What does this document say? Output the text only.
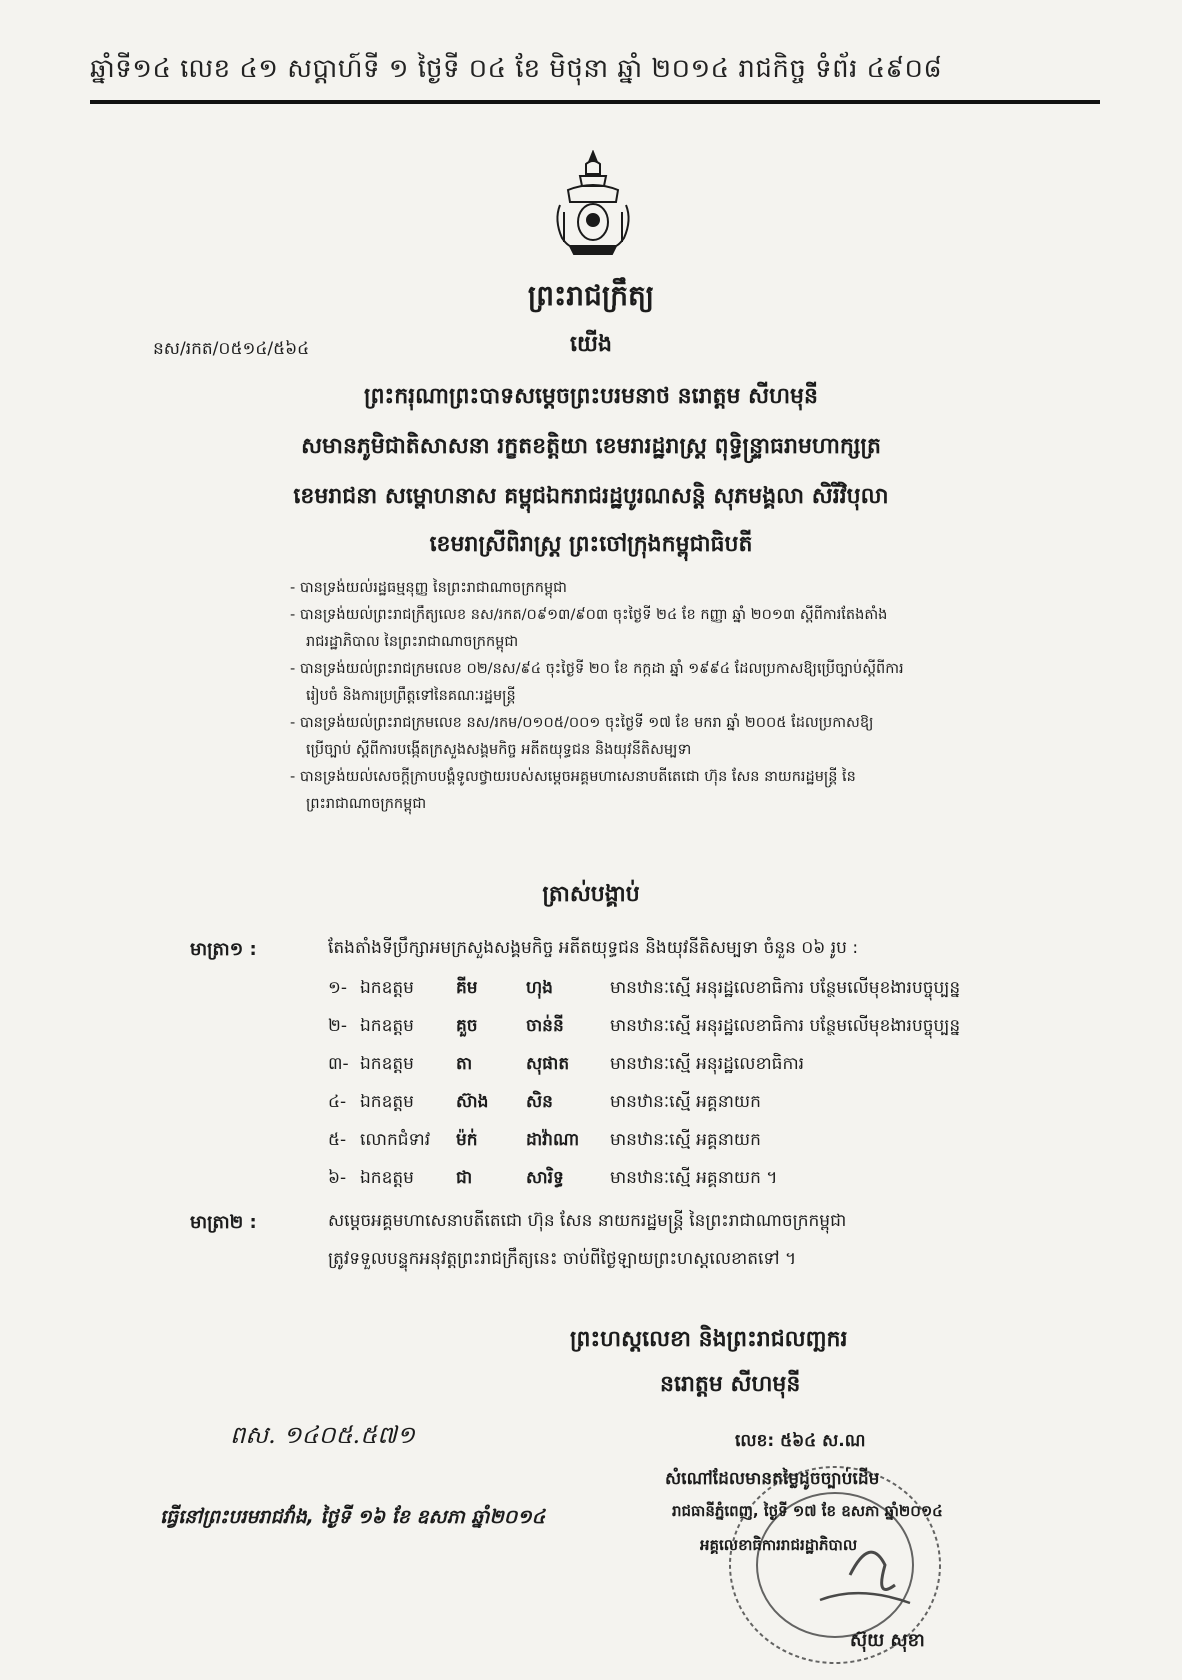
ឆ្នាំទី១៤ លេខ ៤១ សប្តាហ៍ទី ១ ថ្ងៃទី ០៤ ខែ មិថុនា ឆ្នាំ ២០១៤ រាជកិច្ច ទំព័រ ៤៩០៨
ព្រះរាជក្រឹត្យ
នស/រកត/០៥១៤/៥៦៤	យើង
ព្រះករុណាព្រះបាទសម្តេចព្រះបរមនាថ នរោត្តម សីហមុនី
សមានភូមិជាតិសាសនា រក្ខតខត្តិយា ខេមរារដ្ឋរាស្ត្រ ពុទ្ធិន្ទ្រាធរាមហាក្សត្រ
ខេមរាជនា សម្ពោហនាស គម្ពុជឯករាជរដ្ឋបូរណសន្តិ សុភមង្គលា សិរីវិបុលា
ខេមរាស្រីពិរាស្ត្រ ព្រះចៅក្រុងកម្ពុជាធិបតី

- បានទ្រង់យល់រដ្ឋធម្មនុញ្ញ នៃព្រះរាជាណាចក្រកម្ពុជា

- បានទ្រង់យល់ព្រះរាជក្រឹត្យលេខ នស/រកត/០៩១៣/៩០៣ ចុះថ្ងៃទី ២៤ ខែ កញ្ញា ឆ្នាំ ២០១៣ ស្តីពីការតែងតាំង

រាជរដ្ឋាភិបាល នៃព្រះរាជាណាចក្រកម្ពុជា

- បានទ្រង់យល់ព្រះរាជក្រមលេខ ០២/នស/៩៤ ចុះថ្ងៃទី ២០ ខែ កក្កដា ឆ្នាំ ១៩៩៤ ដែលប្រកាសឱ្យប្រើច្បាប់ស្តីពីការ

រៀបចំ និងការប្រព្រឹត្តទៅនៃគណៈរដ្ឋមន្ត្រី

- បានទ្រង់យល់ព្រះរាជក្រមលេខ នស/រកម/០១០៥/០០១ ចុះថ្ងៃទី ១៧ ខែ មករា ឆ្នាំ ២០០៥ ដែលប្រកាសឱ្យ

ប្រើច្បាប់ ស្តីពីការបង្កើតក្រសួងសង្គមកិច្ច អតីតយុទ្ធជន និងយុវនីតិសម្បទា

- បានទ្រង់យល់សេចក្តីក្រាបបង្គំទូលថ្វាយរបស់សម្តេចអគ្គមហាសេនាបតីតេជោ ហ៊ុន សែន នាយករដ្ឋមន្ត្រី នៃ

ព្រះរាជាណាចក្រកម្ពុជា

ត្រាស់បង្គាប់
មាត្រា១ :	តែងតាំងទីប្រឹក្សាអមក្រសួងសង្គមកិច្ច អតីតយុទ្ធជន និងយុវនីតិសម្បទា ចំនួន ០៦ រូប :
១- ឯកឧត្តម គីម	ហុង	មានឋានៈស្មើ អនុរដ្ឋលេខាធិការ បន្ថែមលើមុខងារបច្ចុប្បន្ន
២- ឯកឧត្តម គួច	ចាន់នី	មានឋានៈស្មើ អនុរដ្ឋលេខាធិការ បន្ថែមលើមុខងារបច្ចុប្បន្ន
៣- ឯកឧត្តម តា	សុផាត មានឋានៈស្មើ អនុរដ្ឋលេខាធិការ
៤- ឯកឧត្តម ស៊ាង សិន	មានឋានៈស្មើ អគ្គនាយក
៥- លោកជំទាវ ម៉ក់	ដាវ៉ាណា មានឋានៈស្មើ អគ្គនាយក
៦- ឯកឧត្តម ជា	សារិទ្ធ	មានឋានៈស្មើ អគ្គនាយក ។
មាត្រា២ :	សម្តេចអគ្គមហាសេនាបតីតេជោ ហ៊ុន សែន នាយករដ្ឋមន្ត្រី នៃព្រះរាជាណាចក្រកម្ពុជា
ត្រូវទទួលបន្ទុកអនុវត្តព្រះរាជក្រឹត្យនេះ ចាប់ពីថ្ងៃឡាយព្រះហស្តលេខាតទៅ ។
ព្រះហស្តលេខា និងព្រះរាជលញ្ឆករ
នរោត្តម សីហមុនី
ពស. ១៤០៥.៥៧១
ធ្វើនៅព្រះបរមរាជវាំង, ថ្ងៃទី ១៦ ខែ ឧសភា ឆ្នាំ២០១៤
លេខ: ៥៦៤ ស.ណ
សំណៅដែលមានតម្លៃដូចច្បាប់ដើម
រាជធានីភ្នំពេញ, ថ្ងៃទី ១៧ ខែ ឧសភា ឆ្នាំ២០១៤
អគ្គលេខាធិការរាជរដ្ឋាភិបាល
ស៊ុយ សុខា
